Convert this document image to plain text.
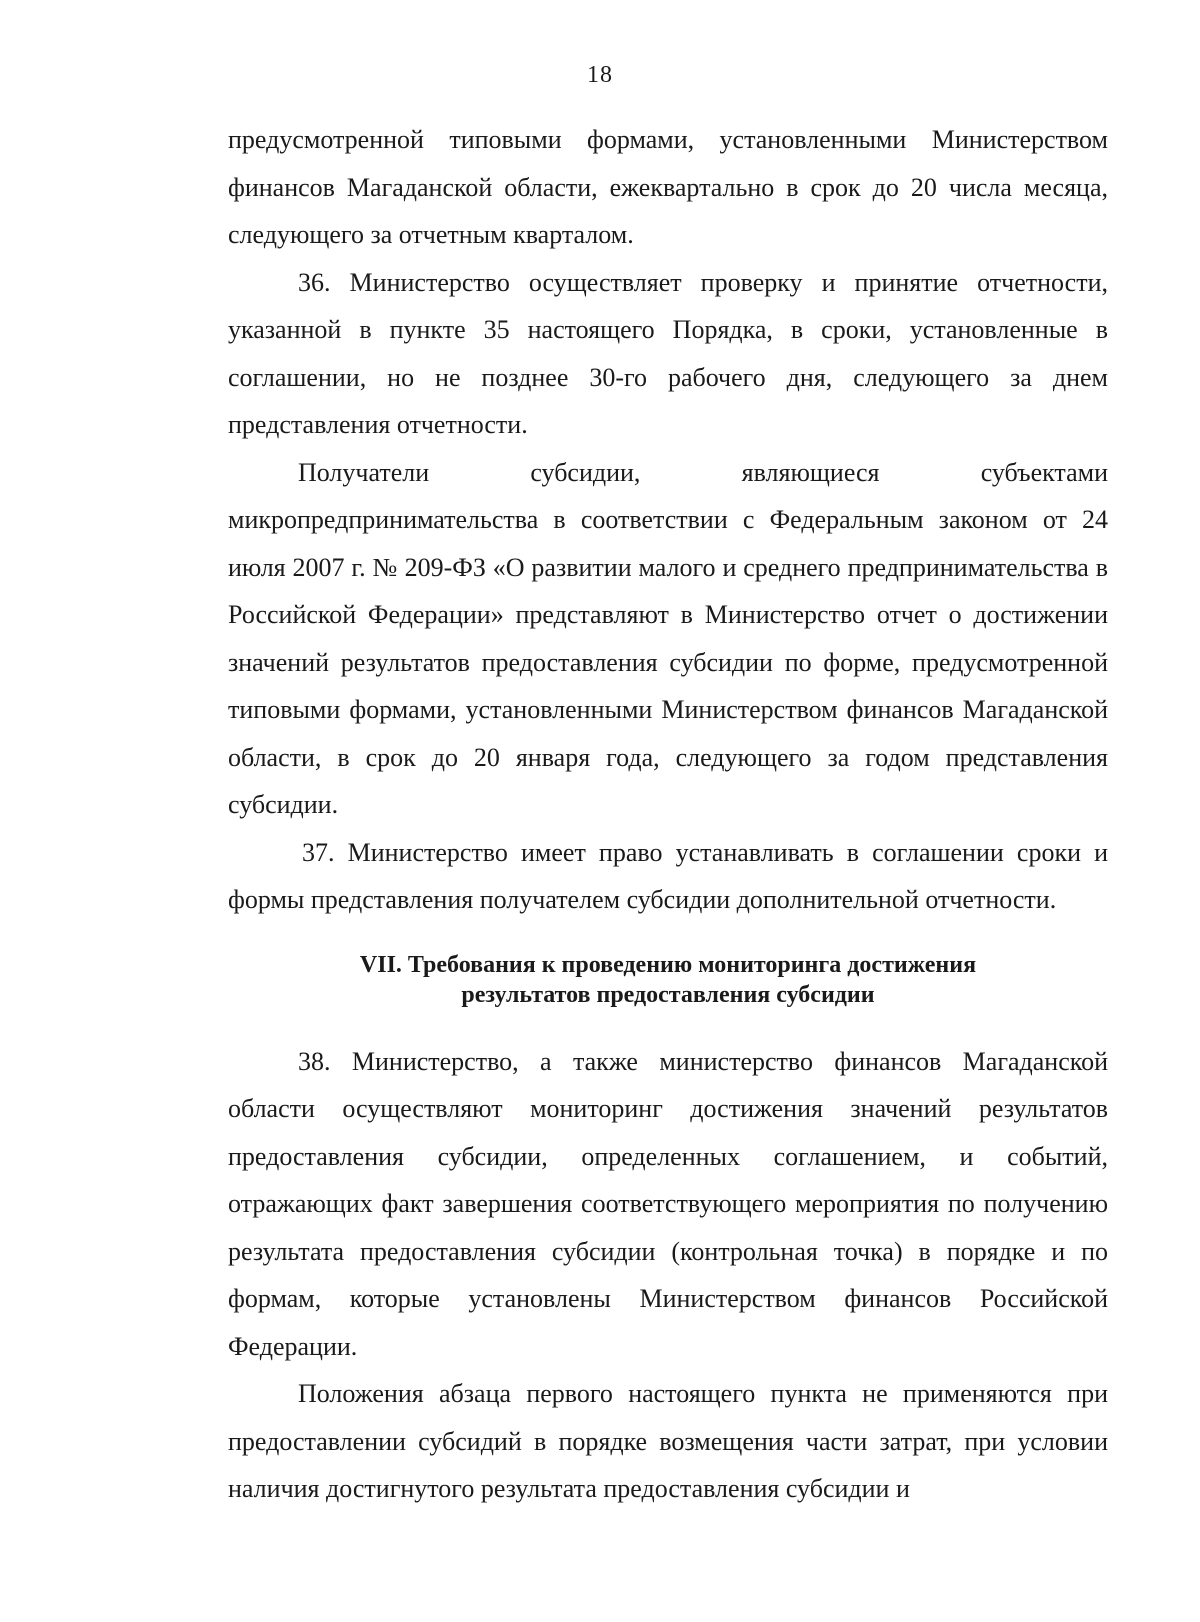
18

предусмотренной типовыми формами, установленными Министерством финансов Магаданской области, ежеквартально в срок до 20 числа месяца, следующего за отчетным кварталом.

36. Министерство осуществляет проверку и принятие отчетности, указанной в пункте 35 настоящего Порядка, в сроки, установленные в соглашении, но не позднее 30-го рабочего дня, следующего за днем представления отчетности.

Получатели субсидии, являющиеся субъектами микропредпринимательства в соответствии с Федеральным законом от 24 июля 2007 г. № 209-ФЗ «О развитии малого и среднего предпринимательства в Российской Федерации» представляют в Министерство отчет о достижении значений результатов предоставления субсидии по форме, предусмотренной типовыми формами, установленными Министерством финансов Магаданской области, в срок до 20 января года, следующего за годом представления субсидии.

37. Министерство имеет право устанавливать в соглашении сроки и формы представления получателем субсидии дополнительной отчетности.

VII. Требования к проведению мониторинга достижения
результатов предоставления субсидии

38. Министерство, а также министерство финансов Магаданской области осуществляют мониторинг достижения значений результатов предоставления субсидии, определенных соглашением, и событий, отражающих факт завершения соответствующего мероприятия по получению результата предоставления субсидии (контрольная точка) в порядке и по формам, которые установлены Министерством финансов Российской Федерации.

Положения абзаца первого настоящего пункта не применяются при предоставлении субсидий в порядке возмещения части затрат, при условии наличия достигнутого результата предоставления субсидии и
